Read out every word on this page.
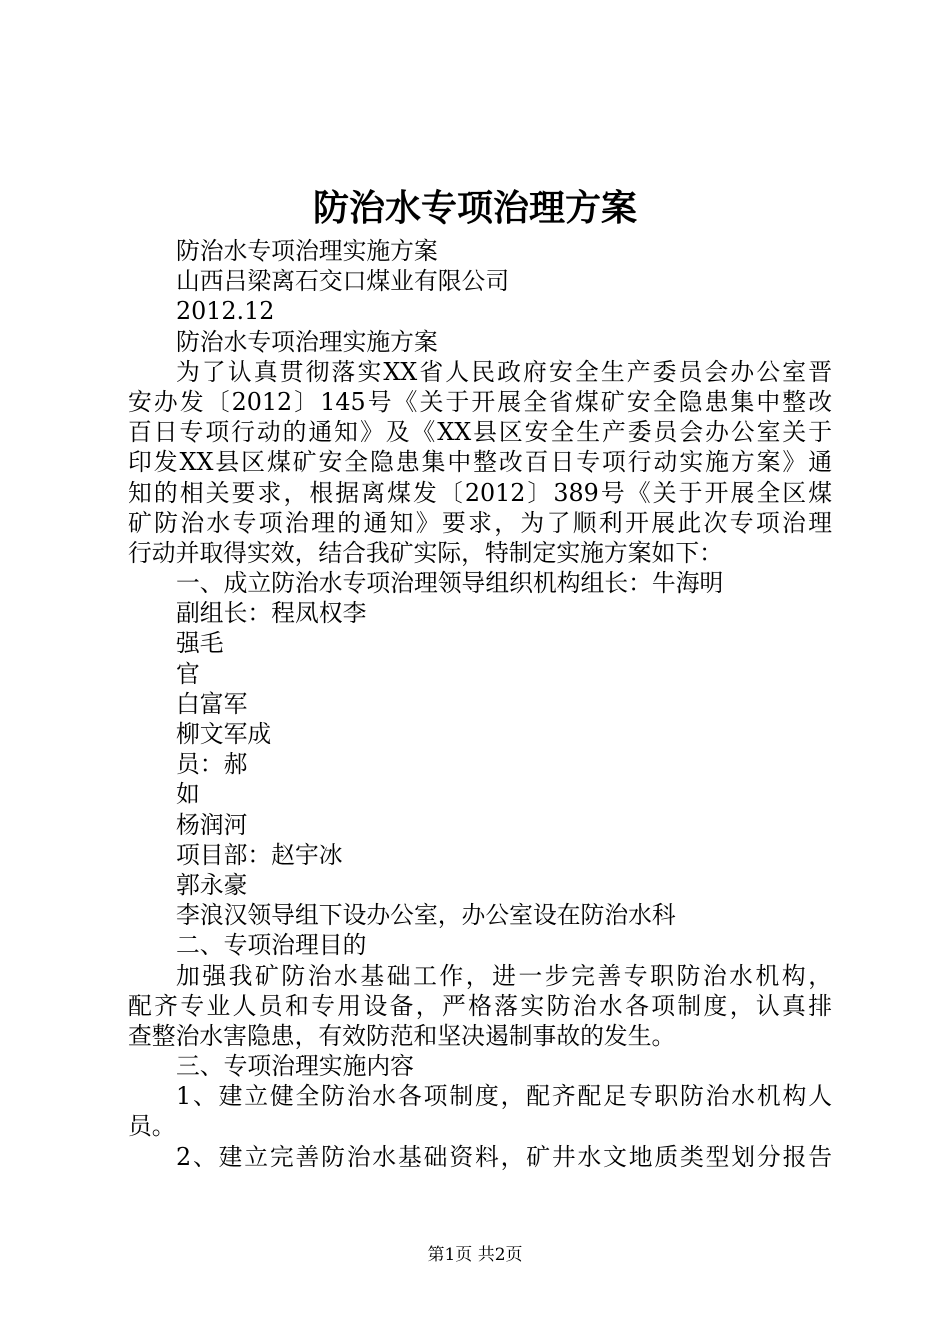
防治水专项治理方案
防治水专项治理实施方案
山西吕梁离石交口煤业有限公司
2012.12
防治水专项治理实施方案
为了认真贯彻落实XX省人民政府安全生产委员会办公室晋
安办发〔2012〕145号《关于开展全省煤矿安全隐患集中整改
百日专项行动的通知》及《XX县区安全生产委员会办公室关于
印发XX县区煤矿安全隐患集中整改百日专项行动实施方案》通
知的相关要求，根据离煤发〔2012〕389号《关于开展全区煤
矿防治水专项治理的通知》要求，为了顺利开展此次专项治理
行动并取得实效，结合我矿实际，特制定实施方案如下：
一、成立防治水专项治理领导组织机构组长：牛海明
副组长：程凤权李
强毛
官
白富军
柳文军成
员：郝
如
杨润河
项目部：赵宇冰
郭永豪
李浪汉领导组下设办公室，办公室设在防治水科
二、专项治理目的
加强我矿防治水基础工作，进一步完善专职防治水机构，
配齐专业人员和专用设备，严格落实防治水各项制度，认真排
查整治水害隐患，有效防范和坚决遏制事故的发生。
三、专项治理实施内容
1、建立健全防治水各项制度，配齐配足专职防治水机构人
员。
2、建立完善防治水基础资料，矿井水文地质类型划分报告
第1页 共2页
